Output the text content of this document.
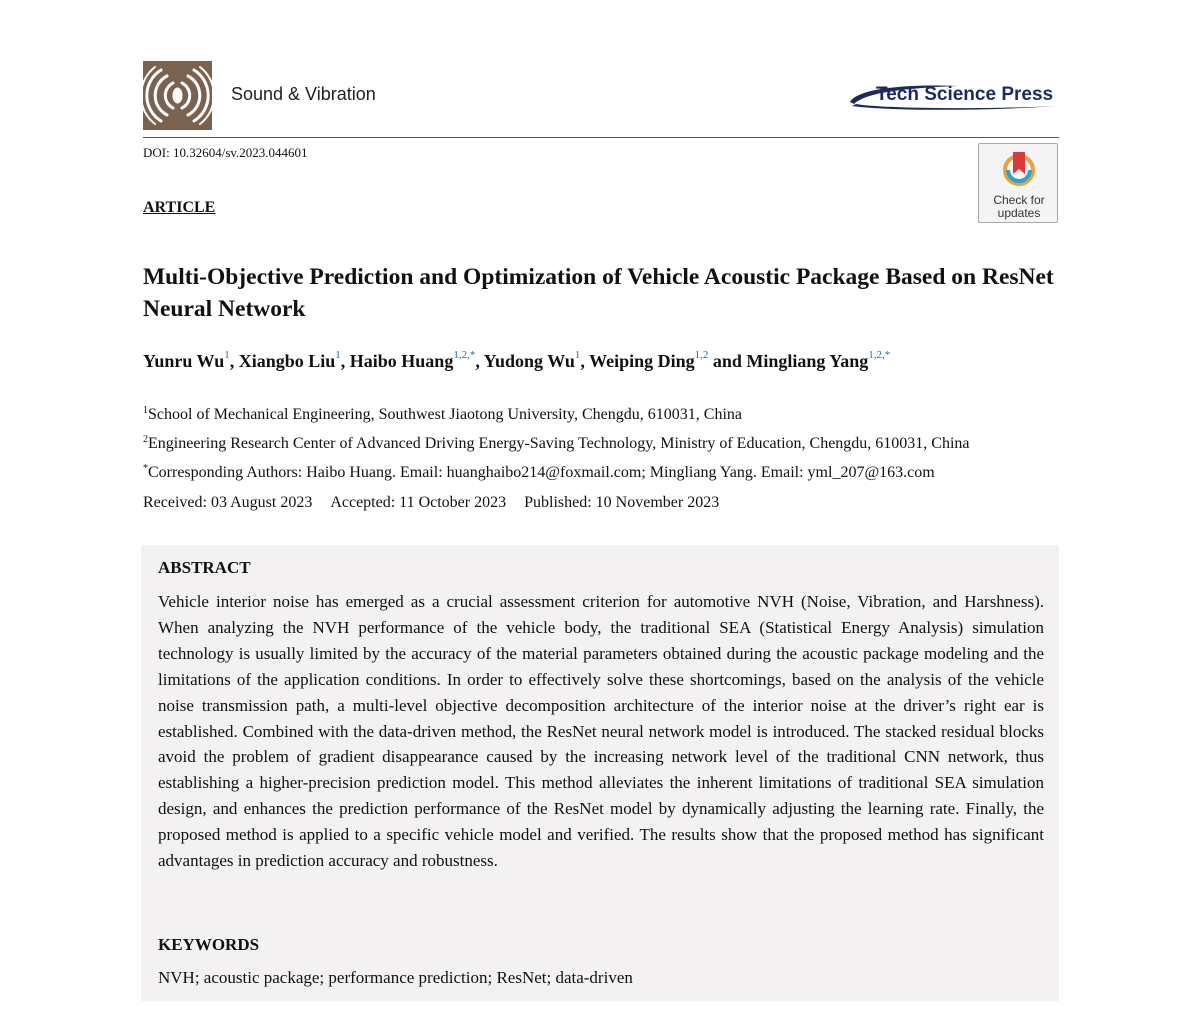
Sound & Vibration	Tech Science Press
DOI: 10.32604/sv.2023.044601
Check for updates
ARTICLE
Multi-Objective Prediction and Optimization of Vehicle Acoustic Package Based on ResNet Neural Network
Yunru Wu$^1$, Xiangbo Liu$^1$, Haibo Huang$^{1,2,*}$, Yudong Wu$^1$, Weiping Ding$^{1,2}$ and Mingliang Yang$^{1,2,*}$
$^1$School of Mechanical Engineering, Southwest Jiaotong University, Chengdu, 610031, China
$^2$Engineering Research Center of Advanced Driving Energy-Saving Technology, Ministry of Education, Chengdu, 610031, China
*Corresponding Authors: Haibo Huang. Email: huanghaibo214@foxmail.com; Mingliang Yang. Email: yml_207@163.com
Received: 03 August 2023 Accepted: 11 October 2023 Published: 10 November 2023
ABSTRACT
Vehicle interior noise has emerged as a crucial assessment criterion for automotive NVH (Noise, Vibration, and Harshness). When analyzing the NVH performance of the vehicle body, the traditional SEA (Statistical Energy Analysis) simulation technology is usually limited by the accuracy of the material parameters obtained during the acoustic package modeling and the limitations of the application conditions. In order to effectively solve these shortcomings, based on the analysis of the vehicle noise transmission path, a multi-level objective decomposition architecture of the interior noise at the driver’s right ear is established. Combined with the data-driven method, the ResNet neural network model is introduced. The stacked residual blocks avoid the problem of gradient disappearance caused by the increasing network level of the traditional CNN network, thus establishing a higher-precision prediction model. This method alleviates the inherent limitations of traditional SEA simulation design, and enhances the prediction performance of the ResNet model by dynamically adjusting the learning rate. Finally, the proposed method is applied to a specific vehicle model and verified. The results show that the proposed method has significant advantages in prediction accuracy and robustness.
KEYWORDS
NVH; acoustic package; performance prediction; ResNet; data-driven
